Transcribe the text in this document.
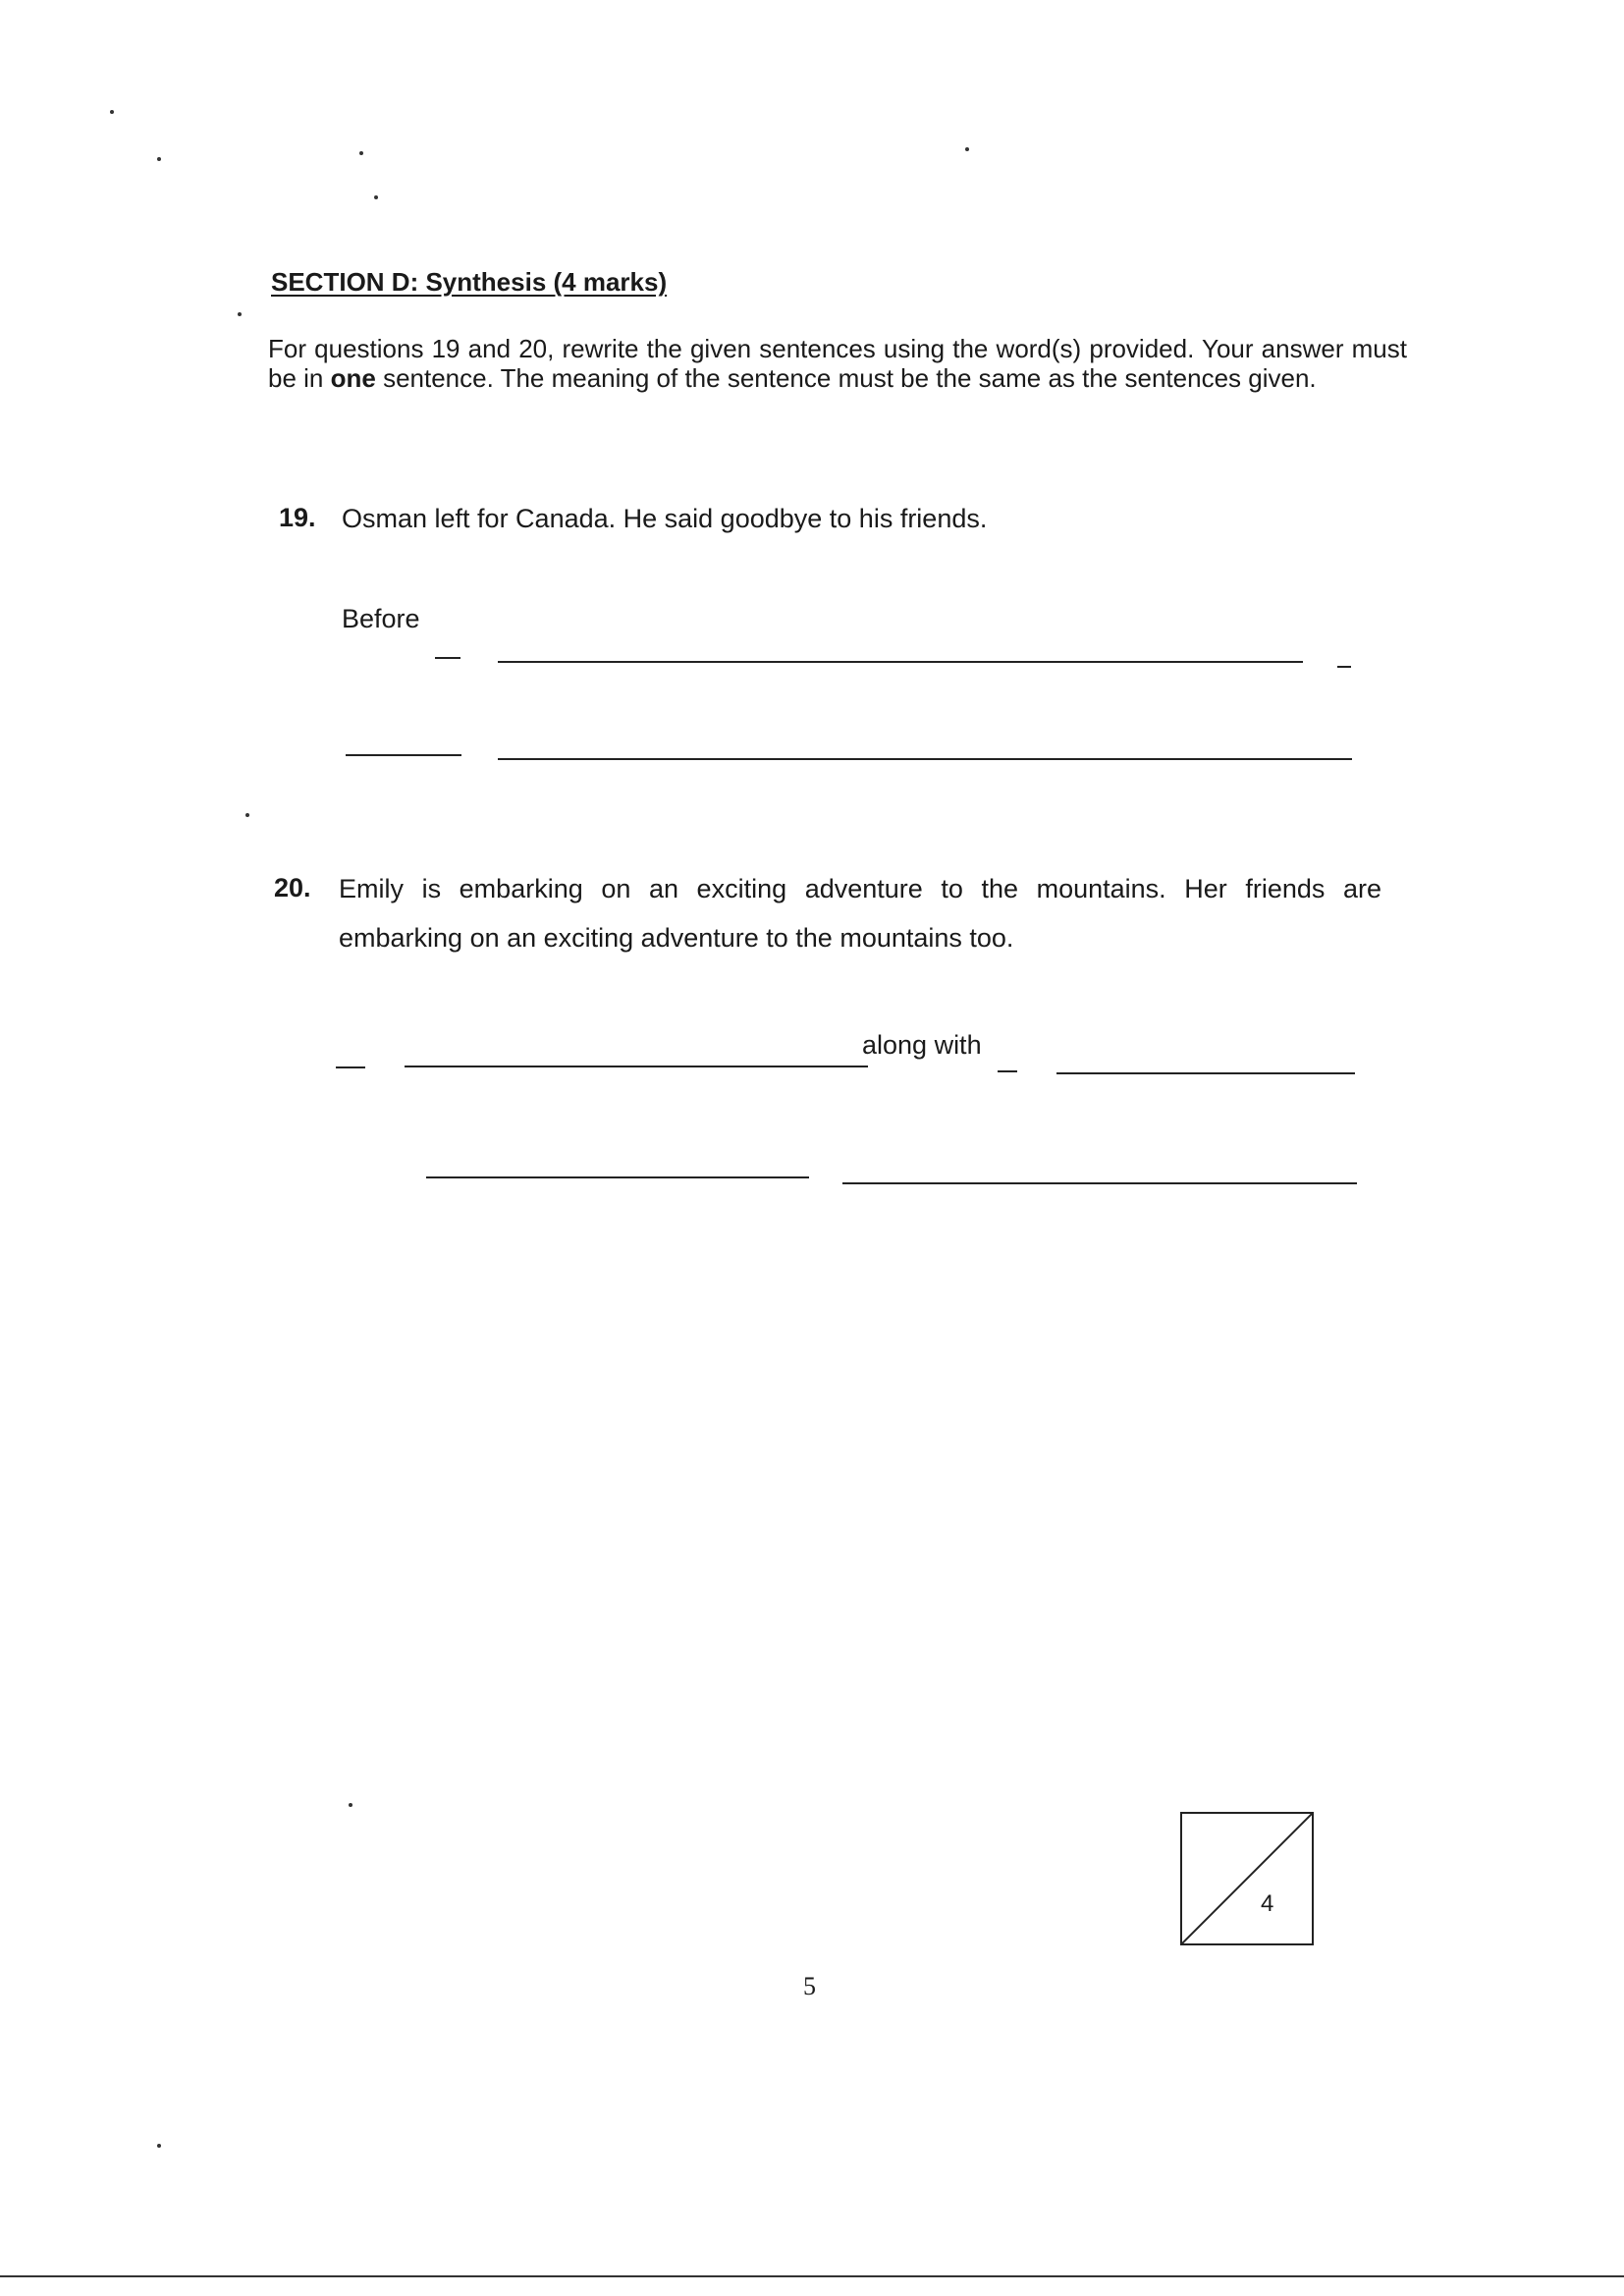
SECTION D: Synthesis (4 marks)
For questions 19 and 20, rewrite the given sentences using the word(s) provided. Your answer must be in one sentence. The meaning of the sentence must be the same as the sentences given.
19. Osman left for Canada. He said goodbye to his friends.
Before
20. Emily is embarking on an exciting adventure to the mountains. Her friends are embarking on an exciting adventure to the mountains too.
along with
4
5
